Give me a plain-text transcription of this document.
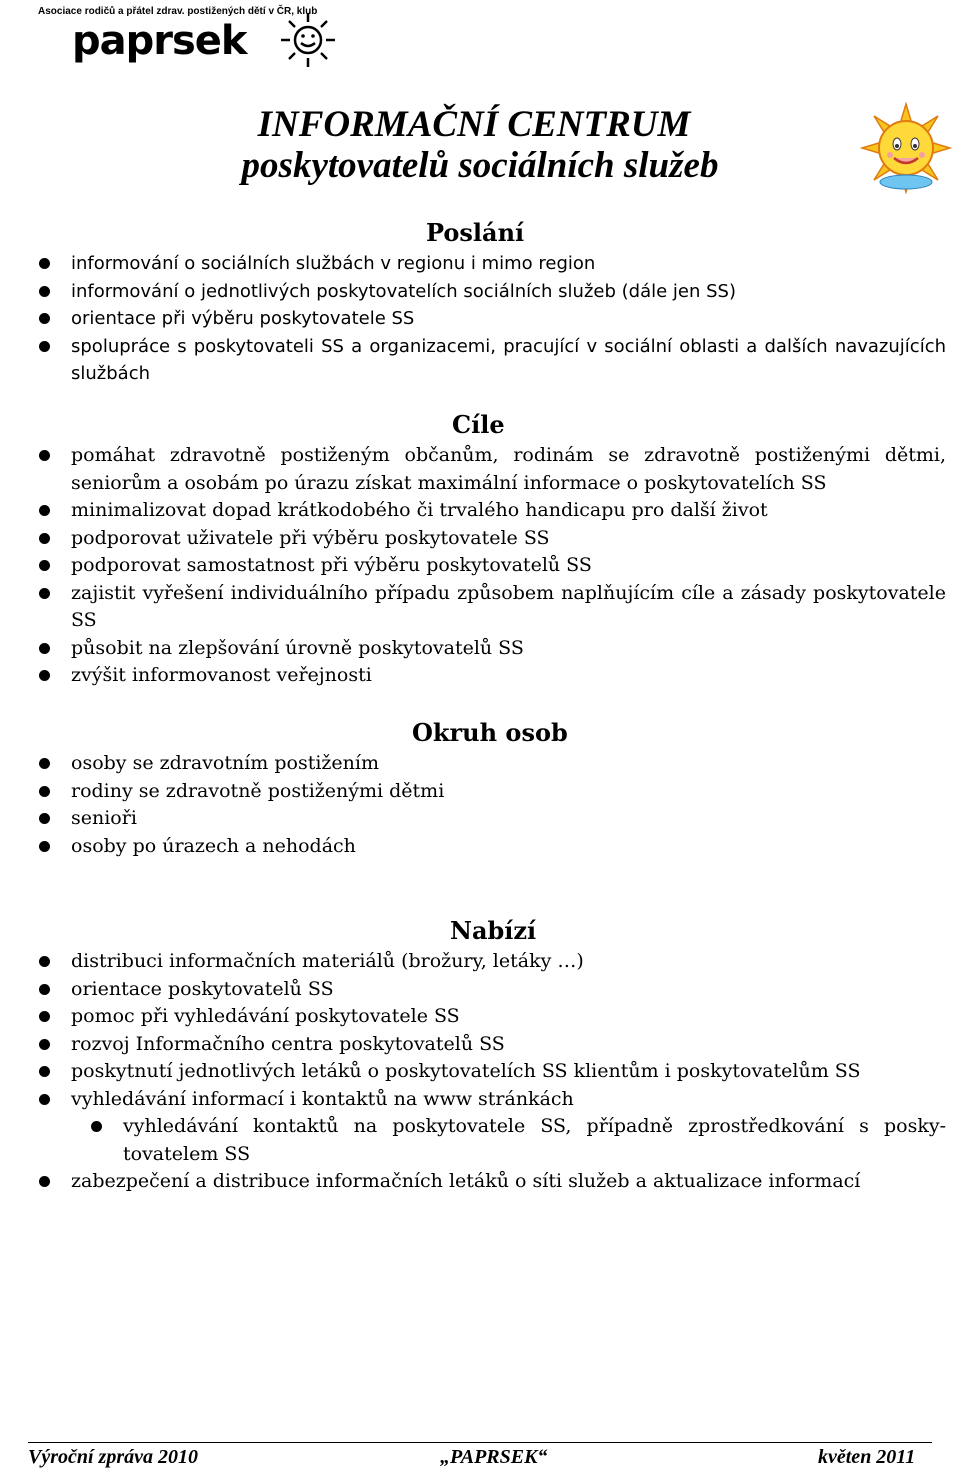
Asociace rodičů a přátel zdrav. postižených dětí v ČR, klub
paprsek
INFORMAČNÍ CENTRUM
poskytovatelů sociálních služeb
Poslání
informování o sociálních službách v regionu i mimo region
informování o jednotlivých poskytovatelích sociálních služeb (dále jen SS)
orientace při výběru poskytovatele SS
spolupráce s poskytovateli SS a organizacemi, pracující v sociální oblasti a dalších navazujících službách
Cíle
pomáhat zdravotně postiženým občanům, rodinám se zdravotně postiženými dětmi, seniorům a osobám po úrazu získat maximální informace o poskytovatelích SS
minimalizovat dopad krátkodobého či trvalého handicapu pro další život
podporovat uživatele při výběru poskytovatele SS
podporovat samostatnost při výběru poskytovatelů SS
zajistit vyřešení individuálního případu způsobem naplňujícím cíle a zásady poskytovatele SS
působit na zlepšování úrovně poskytovatelů SS
zvýšit informovanost veřejnosti
Okruh osob
osoby se zdravotním postižením
rodiny se zdravotně postiženými dětmi
senioři
osoby po úrazech a nehodách
Nabízí
distribuci informačních materiálů (brožury, letáky …)
orientace poskytovatelů SS
pomoc při vyhledávání poskytovatele SS
rozvoj Informačního centra poskytovatelů SS
poskytnutí jednotlivých letáků o poskytovatelích SS klientům i poskytovatelům SS
vyhledávání informací i kontaktů na www stránkách
vyhledávání kontaktů na poskytovatele SS, případně zprostředkování s poskytovatelem SS
zabezpečení a distribuce informačních letáků o síti služeb a aktualizace informací
Výroční zpráva 2010	„PAPRSEK“	květen 2011
